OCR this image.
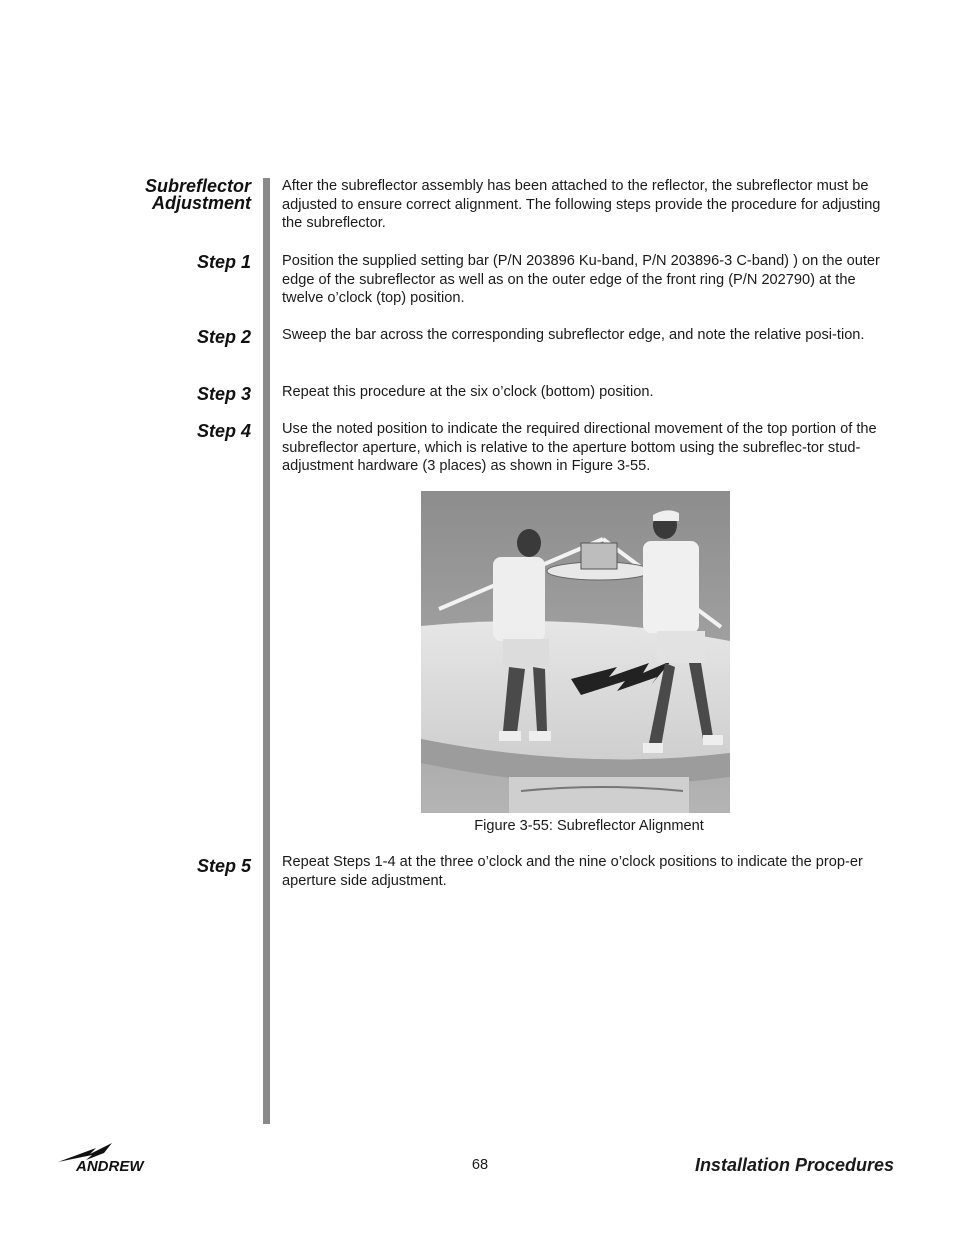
Subreflector
Adjustment
Step 1
Step 2
Step 3
Step 4
Step 5

After the subreflector assembly has been attached to the reflector, the subreflector must be adjusted to ensure correct alignment. The following steps provide the procedure for adjusting the subreflector.

Position the supplied setting bar (P/N 203896 Ku-band, P/N 203896-3 C-band) ) on the outer edge of the subreflector as well as on the outer edge of the front ring (P/N 202790) at the twelve o’clock (top) position.

Sweep the bar across the corresponding subreflector edge, and note the relative posi-tion.

Repeat this procedure at the six o’clock (bottom) position.

Use the noted position to indicate the required directional movement of the top portion of the subreflector aperture, which is relative to the aperture bottom using the subreflec-tor stud-adjustment hardware (3 places) as shown in Figure 3-55.

Figure 3-55: Subreflector Alignment

Repeat Steps 1-4 at the three o’clock and the nine o’clock positions to indicate the prop-er aperture side adjustment.

ANDREW	68	Installation Procedures
